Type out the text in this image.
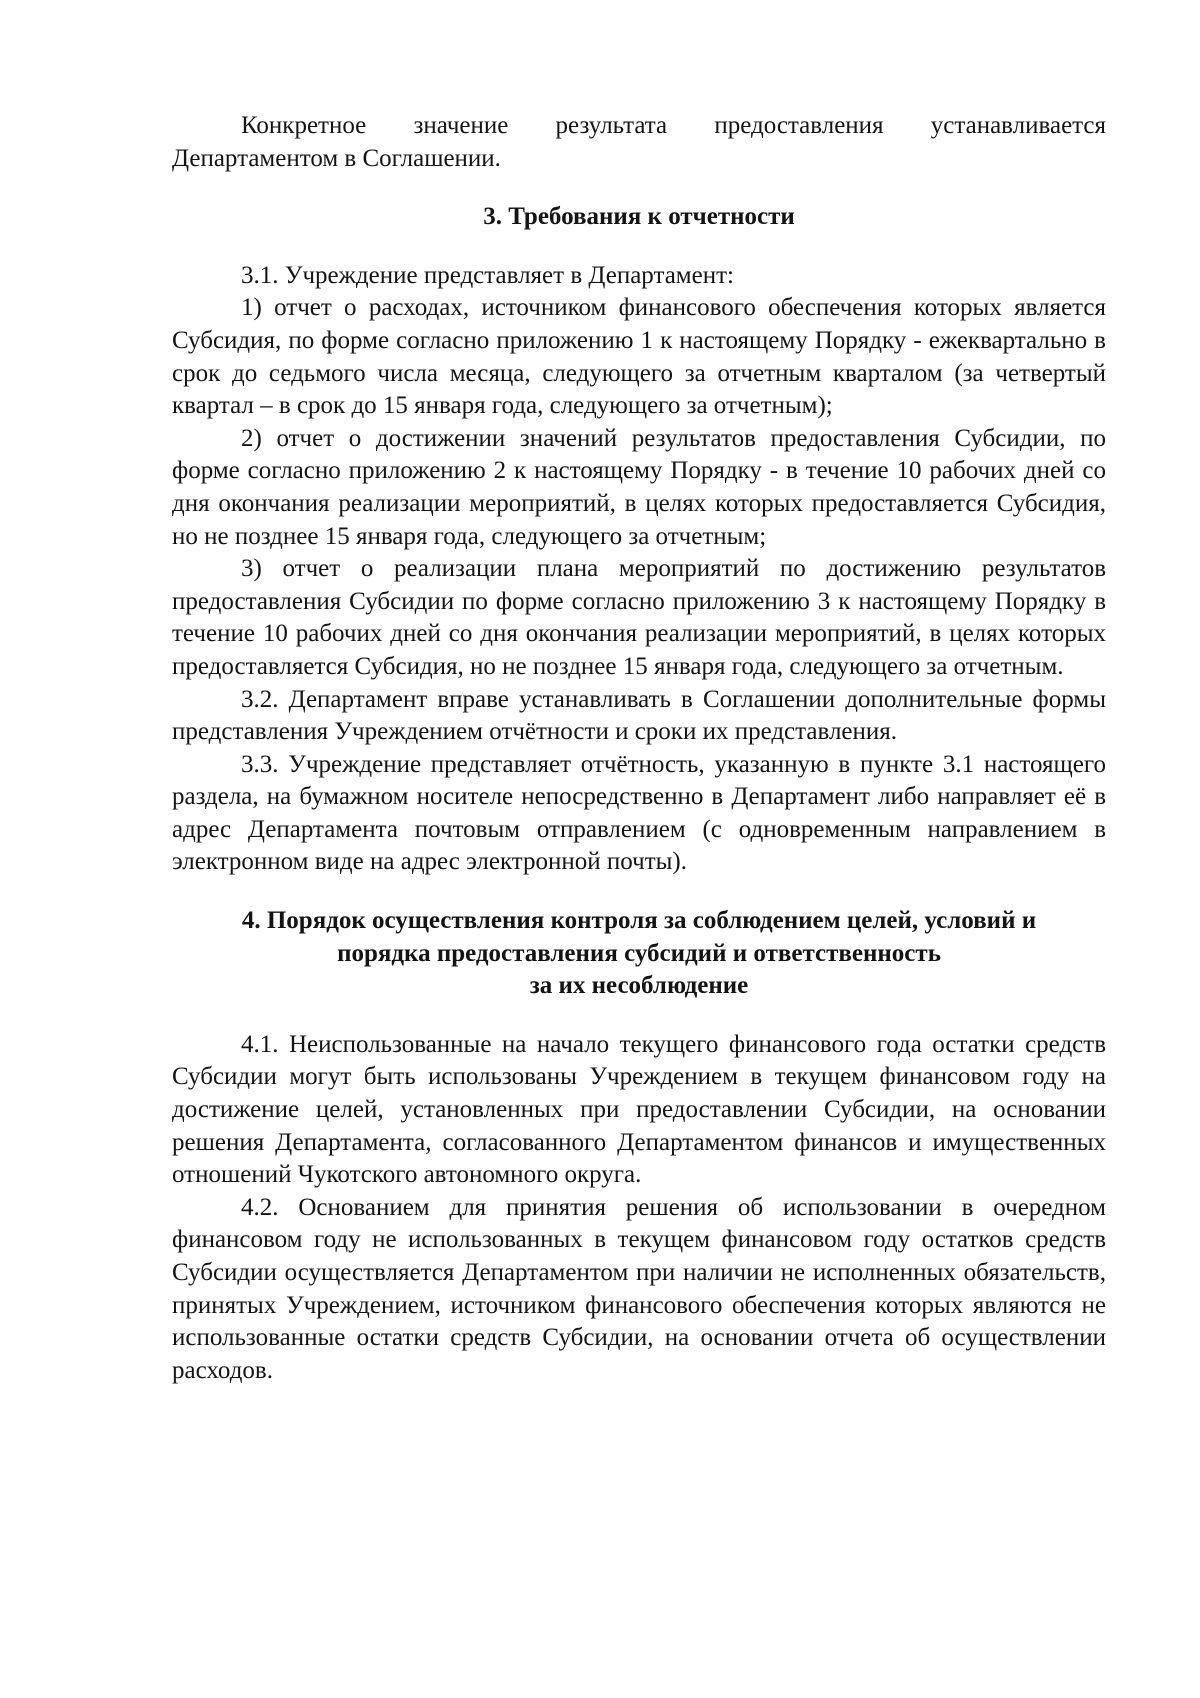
Конкретное значение результата предоставления устанавливается Департаментом в Соглашении.

3. Требования к отчетности

3.1. Учреждение представляет в Департамент:

1) отчет о расходах, источником финансового обеспечения которых является Субсидия, по форме согласно приложению 1 к настоящему Порядку - ежеквартально в срок до седьмого числа месяца, следующего за отчетным кварталом (за четвертый квартал – в срок до 15 января года, следующего за отчетным);

2) отчет о достижении значений результатов предоставления Субсидии, по форме согласно приложению 2 к настоящему Порядку - в течение 10 рабочих дней со дня окончания реализации мероприятий, в целях которых предоставляется Субсидия, но не позднее 15 января года, следующего за отчетным;

3) отчет о реализации плана мероприятий по достижению результатов предоставления Субсидии по форме согласно приложению 3 к настоящему Порядку в течение 10 рабочих дней со дня окончания реализации мероприятий, в целях которых предоставляется Субсидия, но не позднее 15 января года, следующего за отчетным.

3.2. Департамент вправе устанавливать в Соглашении дополнительные формы представления Учреждением отчётности и сроки их представления.

3.3. Учреждение представляет отчётность, указанную в пункте 3.1 настоящего раздела, на бумажном носителе непосредственно в Департамент либо направляет её в адрес Департамента почтовым отправлением (с одновременным направлением в электронном виде на адрес электронной почты).

4. Порядок осуществления контроля за соблюдением целей, условий и
порядка предоставления субсидий и ответственность
за их несоблюдение

4.1. Неиспользованные на начало текущего финансового года остатки средств Субсидии могут быть использованы Учреждением в текущем финансовом году на достижение целей, установленных при предоставлении Субсидии, на основании решения Департамента, согласованного Департаментом финансов и имущественных отношений Чукотского автономного округа.

4.2. Основанием для принятия решения об использовании в очередном финансовом году не использованных в текущем финансовом году остатков средств Субсидии осуществляется Департаментом при наличии не исполненных обязательств, принятых Учреждением, источником финансового обеспечения которых являются не использованные остатки средств Субсидии, на основании отчета об осуществлении расходов.
